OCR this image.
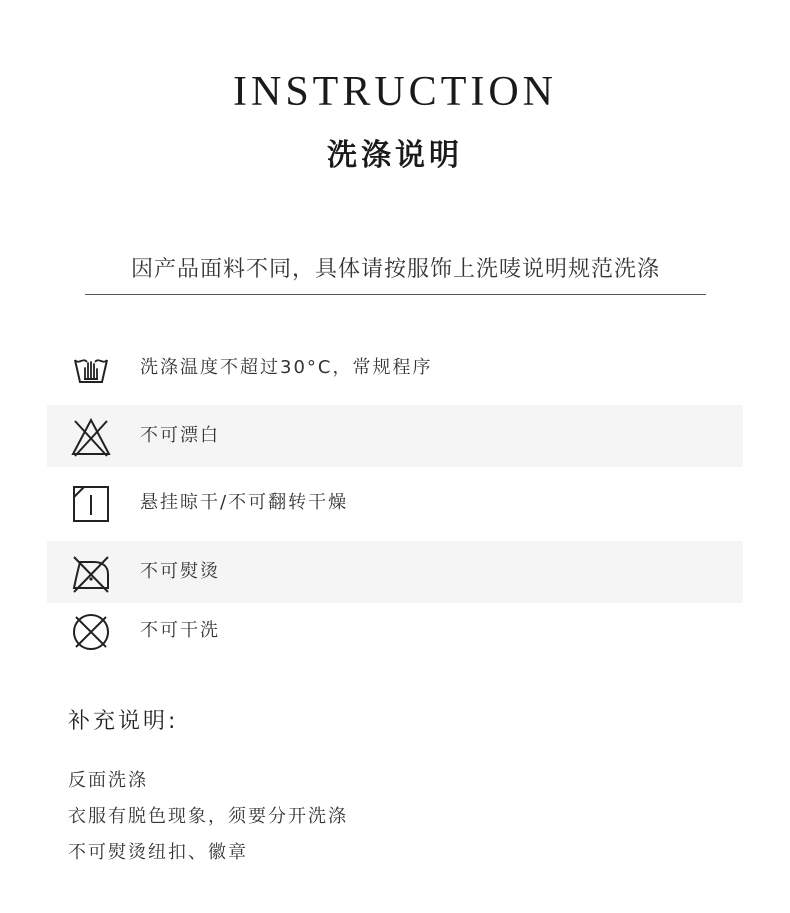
INSTRUCTION
洗涤说明
因产品面料不同，具体请按服饰上洗唛说明规范洗涤
洗涤温度不超过30°C，常规程序
不可漂白
悬挂晾干/不可翻转干燥
不可熨烫
不可干洗
补充说明:
反面洗涤
衣服有脱色现象，须要分开洗涤
不可熨烫纽扣、徽章
